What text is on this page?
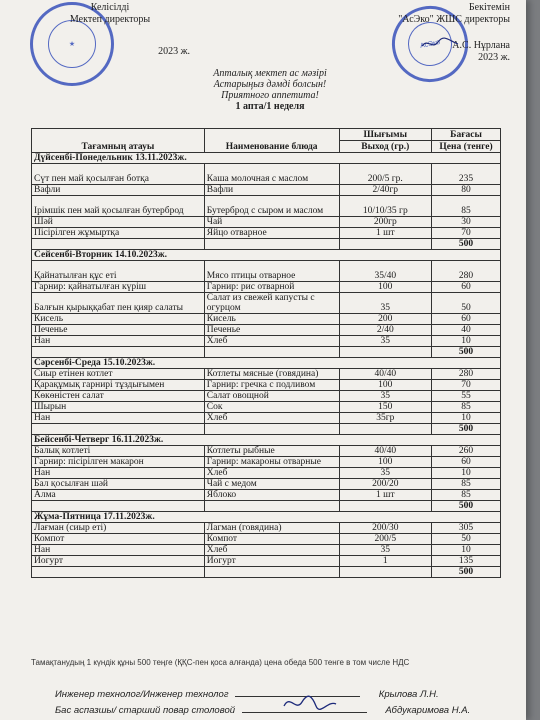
★
Келісілді
Мектеп директоры
2023 ж.
АсЭко
Бекітемін
"АсЭко" ЖШС директоры
А.С. Нұрлана
2023 ж.
Апталық мектеп ас мәзірі
Астарыңыз дәмді болсын!
Приятного аппетита!
1 апта/1 неделя
Тағамның атауы	Наименование блюда	Шығымы	Бағасы
		Выход (гр.)	Цена (тенге)
Дүйсенбі-Понедельник 13.11.2023ж.			
Сүт пен май қосылған ботқа	Каша молочная с маслом	200/5 гр.	235
Вафли	Вафли	2/40гр	80
Ірімшік пен май қосылған бутерброд	Бутерброд с сыром и маслом	10/10/35 гр	85
Шәй	Чай	200гр	30
Пісірілген жұмыртқа	Яйцо отварное	1 шт	70
			500
Сейсенбі-Вторник 14.10.2023ж.			
Қайнатылған құс еті	Мясо птицы отварное	35/40	280
Гарнир: қайнатылған күріш	Гарнир: рис отварной	100	60
Балғын қырыққабат пен қияр салаты	Салат из свежей капусты с огурцом	35	50
Кисель	Кисель	200	60
Печенье	Печенье	2/40	40
Нан	Хлеб	35	10
			500
Сәрсенбі-Среда 15.10.2023ж.			
Сиыр етінен котлет	Котлеты мясные (говядина)	40/40	280
Қарақұмық гарнирі тұздығымен	Гарнир: гречка с подливом	100	70
Көкөністен салат	Салат овощной	35	55
Шырын	Сок	150	85
Нан	Хлеб	35гр	10
			500
Бейсенбі-Четверг 16.11.2023ж.			
Балық котлеті	Котлеты рыбные	40/40	260
Гарнир: пісірілген макарон	Гарнир: макароны отварные	100	60
Нан	Хлеб	35	10
Бал қосылған шәй	Чай с медом	200/20	85
Алма	Яблоко	1 шт	85
			500
Жұма-Пятница 17.11.2023ж.			
Лағман (сиыр еті)	Лагман (говядина)	200/30	305
Компот	Компот	200/5	50
Нан	Хлеб	35	10
Иогурт	Иогурт	1	135
			500
Тамақтанудың 1 күндік құны 500 теңге (ҚҚС-пен қоса алғанда) цена обеда 500 тенге в том числе НДС
Инженер технолог/Инженер технолог	Крылова Л.Н.
Бас аспазшы/ старший повар столовой	Абдукаримова Н.А.
